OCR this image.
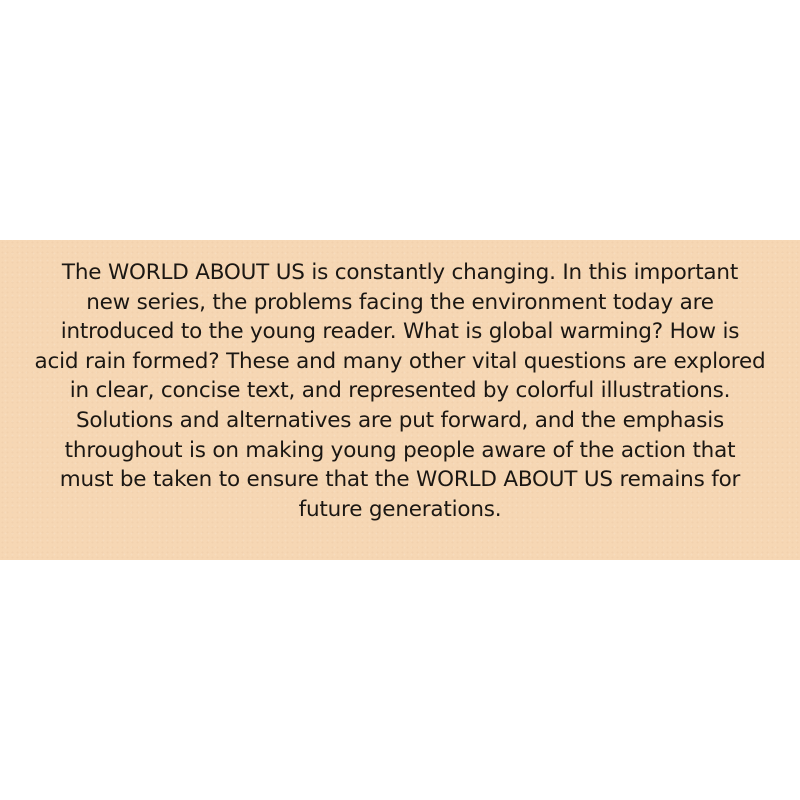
The WORLD ABOUT US is constantly changing. In this important
new series, the problems facing the environment today are
introduced to the young reader. What is global warming? How is
acid rain formed? These and many other vital questions are explored
in clear, concise text, and represented by colorful illustrations.
Solutions and alternatives are put forward, and the emphasis
throughout is on making young people aware of the action that
must be taken to ensure that the WORLD ABOUT US remains for
future generations.
